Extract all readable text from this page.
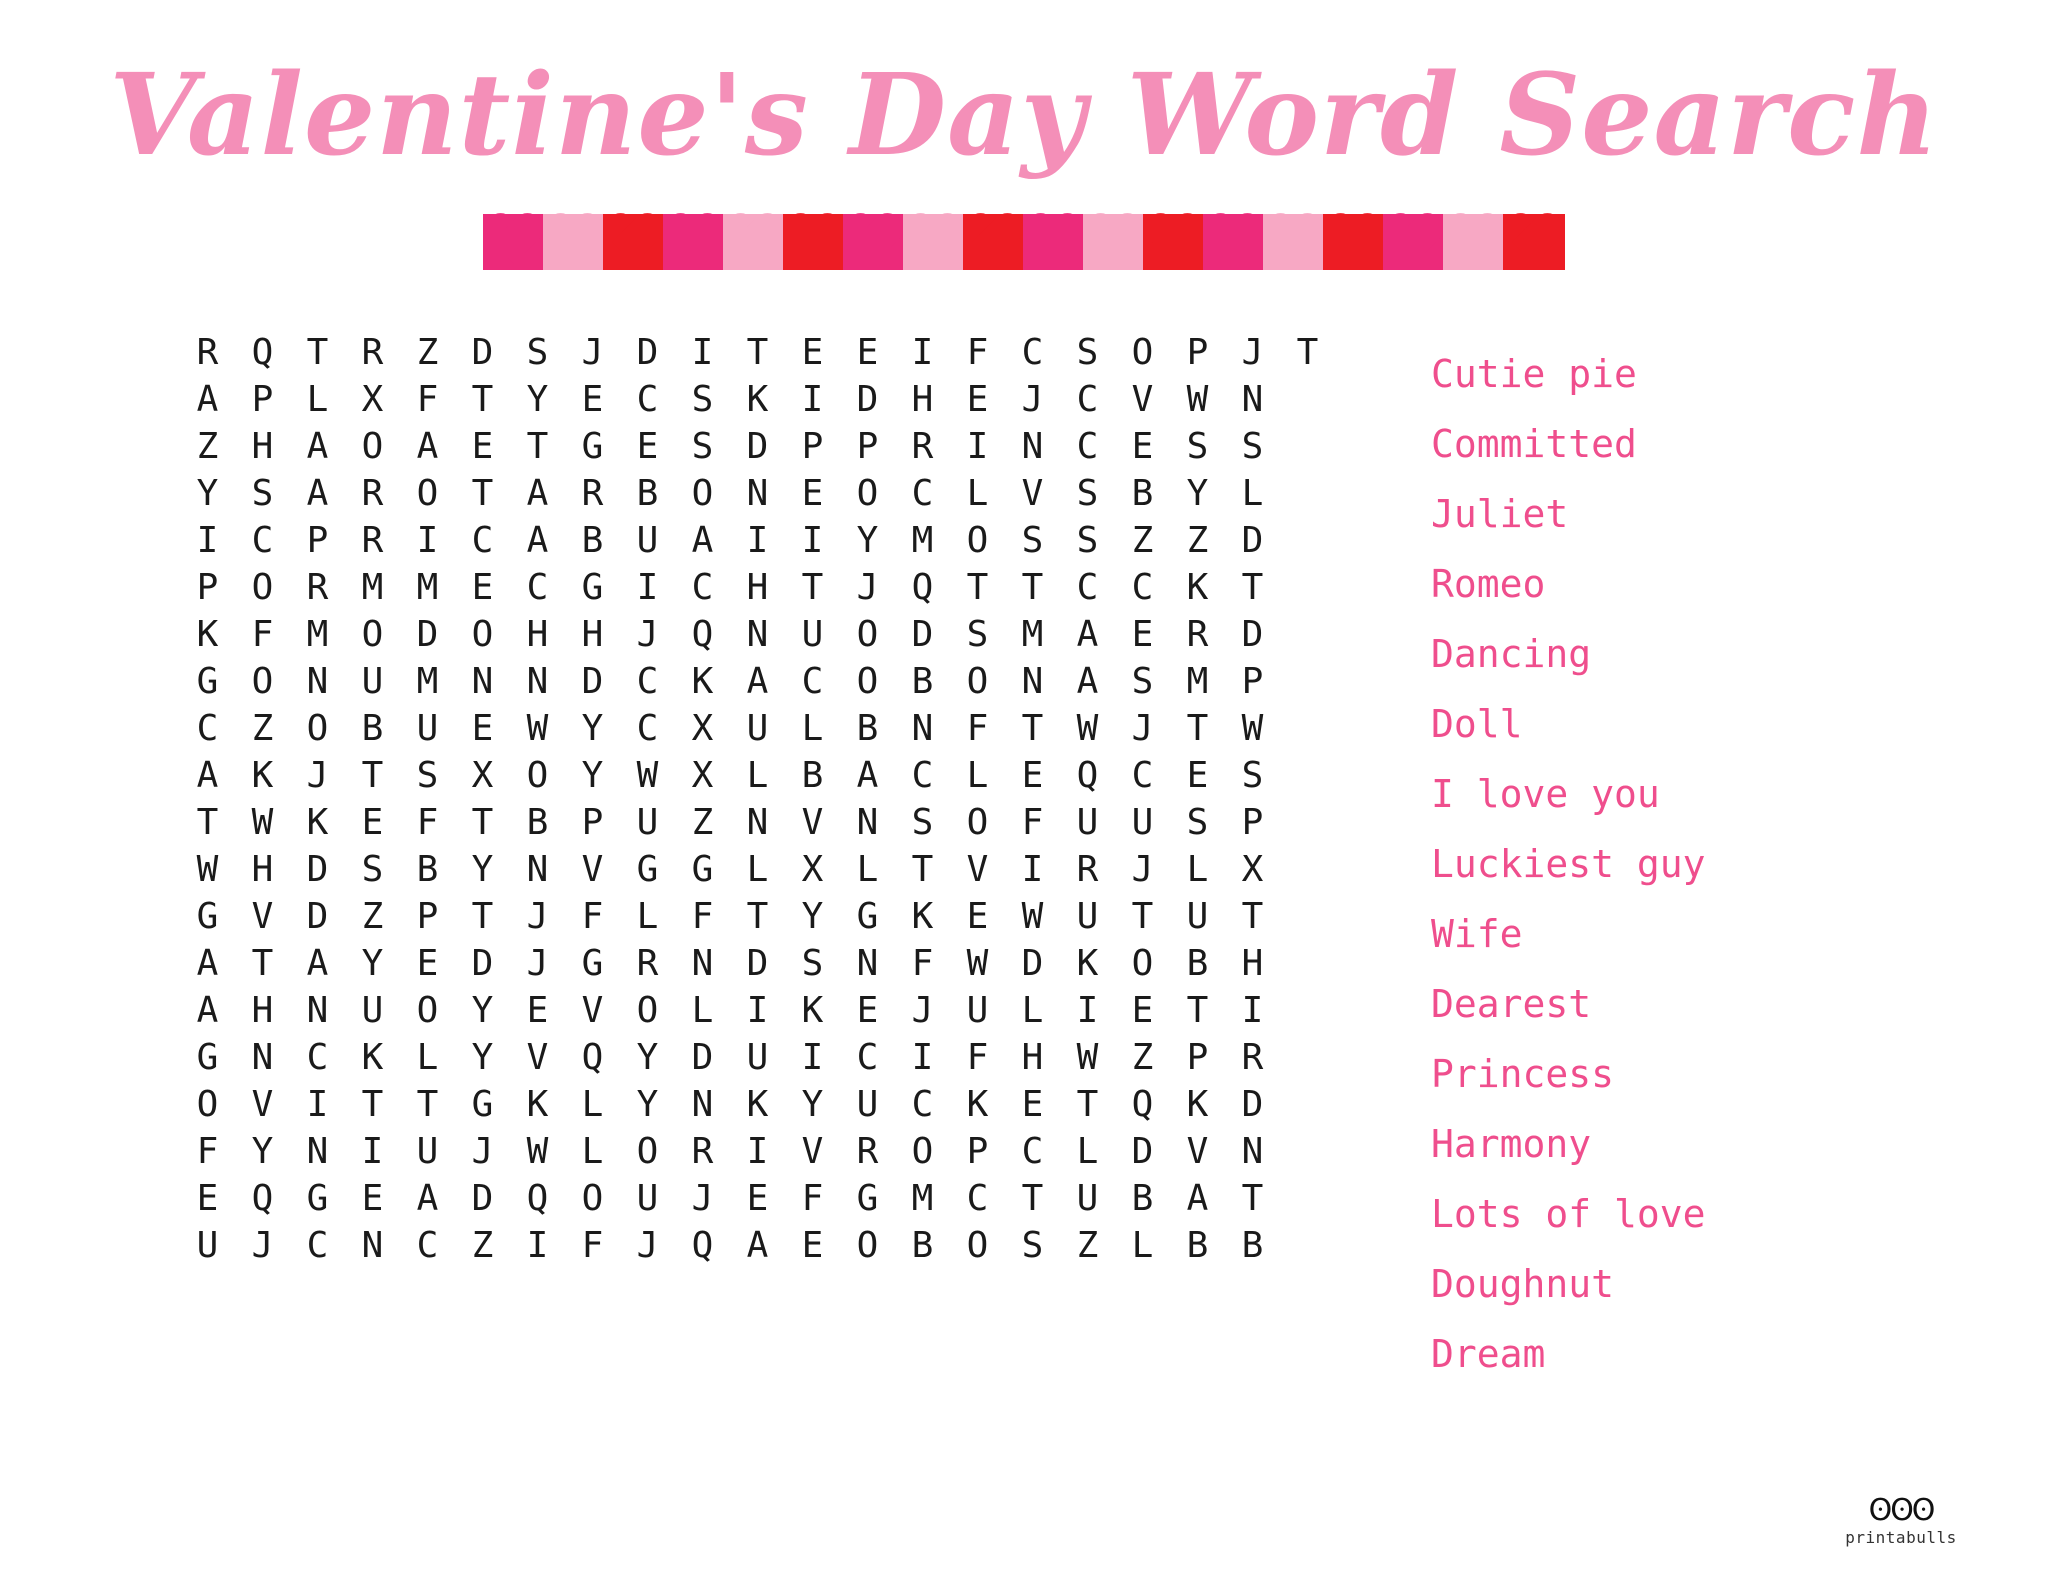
Valentine's Day Word Search
R	Q	T	R	Z	D	S	J	D	I	T	E	E	I	F	C	S	O	P	J	T
A	P	L	X	F	T	Y	E	C	S	K	I	D	H	E	J	C	V	W	N	
Z	H	A	O	A	E	T	G	E	S	D	P	P	R	I	N	C	E	S	S	
Y	S	A	R	O	T	A	R	B	O	N	E	O	C	L	V	S	B	Y	L	
I	C	P	R	I	C	A	B	U	A	I	I	Y	M	O	S	S	Z	Z	D	
P	O	R	M	M	E	C	G	I	C	H	T	J	Q	T	T	C	C	K	T	
K	F	M	O	D	O	H	H	J	Q	N	U	O	D	S	M	A	E	R	D	
G	O	N	U	M	N	N	D	C	K	A	C	O	B	O	N	A	S	M	P	
C	Z	O	B	U	E	W	Y	C	X	U	L	B	N	F	T	W	J	T	W	
A	K	J	T	S	X	O	Y	W	X	L	B	A	C	L	E	Q	C	E	S	
T	W	K	E	F	T	B	P	U	Z	N	V	N	S	O	F	U	U	S	P	
W	H	D	S	B	Y	N	V	G	G	L	X	L	T	V	I	R	J	L	X	
G	V	D	Z	P	T	J	F	L	F	T	Y	G	K	E	W	U	T	U	T	
A	T	A	Y	E	D	J	G	R	N	D	S	N	F	W	D	K	O	B	H	
A	H	N	U	O	Y	E	V	O	L	I	K	E	J	U	L	I	E	T	I	
G	N	C	K	L	Y	V	Q	Y	D	U	I	C	I	F	H	W	Z	P	R	
O	V	I	T	T	G	K	L	Y	N	K	Y	U	C	K	E	T	Q	K	D	
F	Y	N	I	U	J	W	L	O	R	I	V	R	O	P	C	L	D	V	N	
E	Q	G	E	A	D	Q	O	U	J	E	F	G	M	C	T	U	B	A	T	
U	J	C	N	C	Z	I	F	J	Q	A	E	O	B	O	S	Z	L	B	B	
Cutie pie
Committed
Juliet
Romeo
Dancing
Doll
I love you
Luckiest guy
Wife
Dearest
Princess
Harmony
Lots of love
Doughnut
Dream
ʘʘʘ
printabulls
